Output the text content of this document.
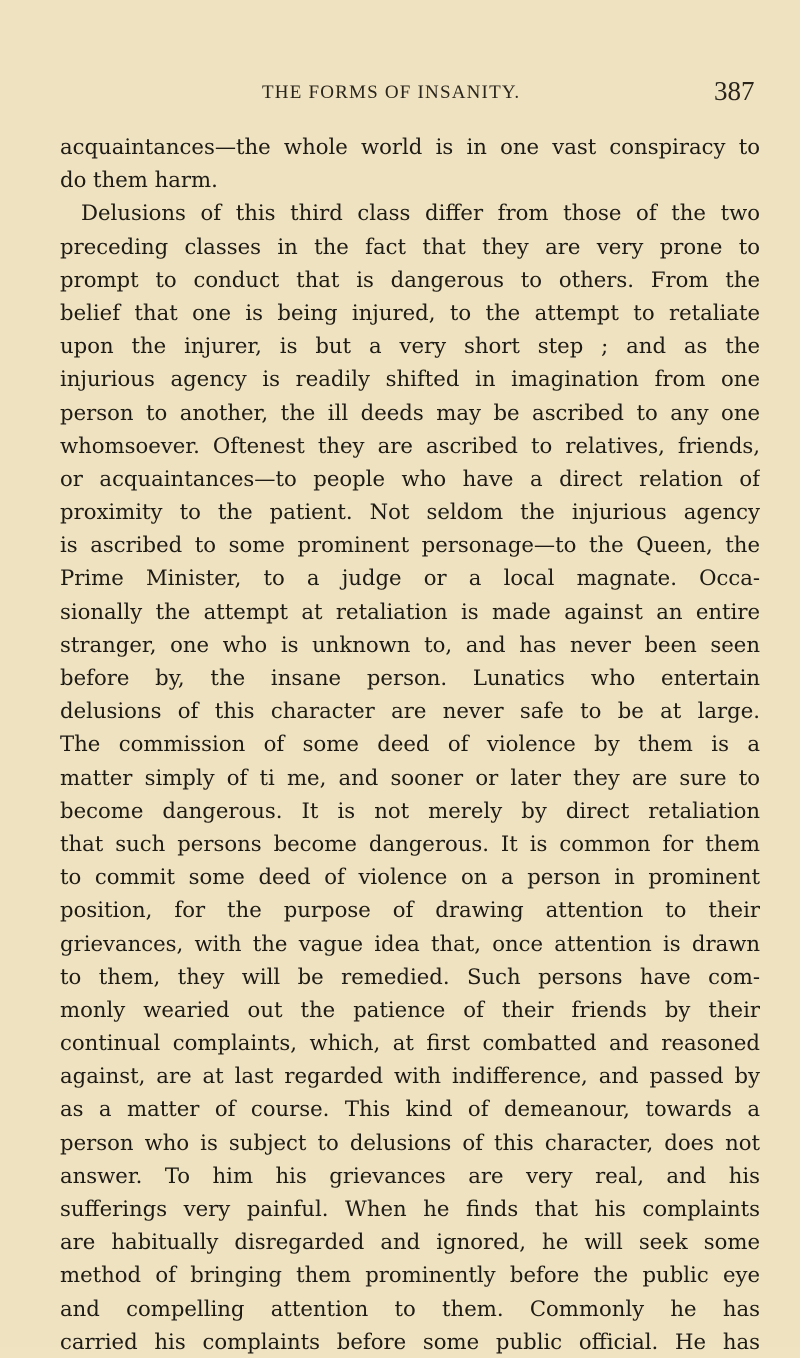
THE FORMS OF INSANITY.	387
acquaintances—the whole world is in one vast conspiracy to
do them harm.
Delusions of this third class differ from those of the two
preceding classes in the fact that they are very prone to
prompt to conduct that is dangerous to others. From the
belief that one is being injured, to the attempt to retaliate
upon the injurer, is but a very short step ; and as the
injurious agency is readily shifted in imagination from one
person to another, the ill deeds may be ascribed to any one
whomsoever. Oftenest they are ascribed to relatives, friends,
or acquaintances—to people who have a direct relation of
proximity to the patient. Not seldom the injurious agency
is ascribed to some prominent personage—to the Queen, the
Prime Minister, to a judge or a local magnate. Occa-
sionally the attempt at retaliation is made against an entire
stranger, one who is unknown to, and has never been seen
before by, the insane person. Lunatics who entertain
delusions of this character are never safe to be at large.
The commission of some deed of violence by them is a
matter simply of ti me, and sooner or later they are sure to
become dangerous. It is not merely by direct retaliation
that such persons become dangerous. It is common for them
to commit some deed of violence on a person in prominent
position, for the purpose of drawing attention to their
grievances, with the vague idea that, once attention is drawn
to them, they will be remedied. Such persons have com-
monly wearied out the patience of their friends by their
continual complaints, which, at first combatted and reasoned
against, are at last regarded with indifference, and passed by
as a matter of course. This kind of demeanour, towards a
person who is subject to delusions of this character, does not
answer. To him his grievances are very real, and his
sufferings very painful. When he finds that his complaints
are habitually disregarded and ignored, he will seek some
method of bringing them prominently before the public eye
and compelling attention to them. Commonly he has
carried his complaints before some public official. He has
